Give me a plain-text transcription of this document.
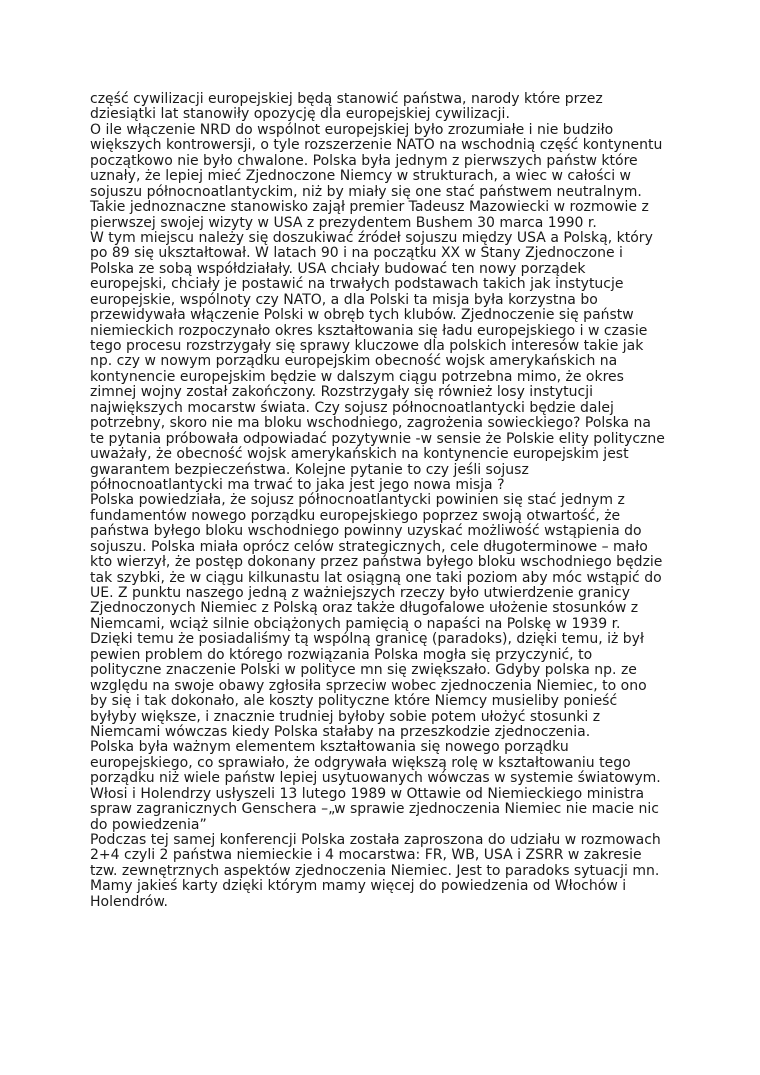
część cywilizacji europejskiej będą stanowić państwa, narody które przez
dziesiątki lat stanowiły opozycję dla europejskiej cywilizacji.
O ile włączenie NRD do wspólnot europejskiej było zrozumiałe i nie budziło
większych kontrowersji, o tyle rozszerzenie NATO na wschodnią część kontynentu
początkowo nie było chwalone. Polska była jednym z pierwszych państw które
uznały, że lepiej mieć Zjednoczone Niemcy w strukturach, a wiec w całości w
sojuszu północnoatlantyckim, niż by miały się one stać państwem neutralnym.
Takie jednoznaczne stanowisko zajął premier Tadeusz Mazowiecki w rozmowie z
pierwszej swojej wizyty w USA z prezydentem Bushem 30 marca 1990 r.
W tym miejscu należy się doszukiwać źródeł sojuszu między USA a Polską, który
po 89 się ukształtował. W latach 90 i na początku XX w Stany Zjednoczone i
Polska ze sobą współdziałały. USA chciały budować ten nowy porządek
europejski, chciały je postawić na trwałych podstawach takich jak instytucje
europejskie, wspólnoty czy NATO, a dla Polski ta misja była korzystna bo
przewidywała włączenie Polski w obręb tych klubów. Zjednoczenie się państw
niemieckich rozpoczynało okres kształtowania się ładu europejskiego i w czasie
tego procesu rozstrzygały się sprawy kluczowe dla polskich interesów takie jak
np. czy w nowym porządku europejskim obecność wojsk amerykańskich na
kontynencie europejskim będzie w dalszym ciągu potrzebna mimo, że okres
zimnej wojny został zakończony. Rozstrzygały się również losy instytucji
największych mocarstw świata. Czy sojusz północnoatlantycki będzie dalej
potrzebny, skoro nie ma bloku wschodniego, zagrożenia sowieckiego? Polska na
te pytania próbowała odpowiadać pozytywnie -w sensie że Polskie elity polityczne
uważały, że obecność wojsk amerykańskich na kontynencie europejskim jest
gwarantem bezpieczeństwa. Kolejne pytanie to czy jeśli sojusz
północnoatlantycki ma trwać to jaka jest jego nowa misja ?
Polska powiedziała, że sojusz północnoatlantycki powinien się stać jednym z
fundamentów nowego porządku europejskiego poprzez swoją otwartość, że
państwa byłego bloku wschodniego powinny uzyskać możliwość wstąpienia do
sojuszu. Polska miała oprócz celów strategicznych, cele długoterminowe – mało
kto wierzył, że postęp dokonany przez państwa byłego bloku wschodniego będzie
tak szybki, że w ciągu kilkunastu lat osiągną one taki poziom aby móc wstąpić do
UE. Z punktu naszego jedną z ważniejszych rzeczy było utwierdzenie granicy
Zjednoczonych Niemiec z Polską oraz także długofalowe ułożenie stosunków z
Niemcami, wciąż silnie obciążonych pamięcią o napaści na Polskę w 1939 r.
Dzięki temu że posiadaliśmy tą wspólną granicę (paradoks), dzięki temu, iż był
pewien problem do którego rozwiązania Polska mogła się przyczynić, to
polityczne znaczenie Polski w polityce mn się zwiększało. Gdyby polska np. ze
względu na swoje obawy zgłosiła sprzeciw wobec zjednoczenia Niemiec, to ono
by się i tak dokonało, ale koszty polityczne które Niemcy musieliby ponieść
byłyby większe, i znacznie trudniej byłoby sobie potem ułożyć stosunki z
Niemcami wówczas kiedy Polska stałaby na przeszkodzie zjednoczenia.
Polska była ważnym elementem kształtowania się nowego porządku
europejskiego, co sprawiało, że odgrywała większą rolę w kształtowaniu tego
porządku niż wiele państw lepiej usytuowanych wówczas w systemie światowym.
Włosi i Holendrzy usłyszeli 13 lutego 1989 w Ottawie od Niemieckiego ministra
spraw zagranicznych Genschera –„w sprawie zjednoczenia Niemiec nie macie nic
do powiedzenia”
Podczas tej samej konferencji Polska została zaproszona do udziału w rozmowach
2+4 czyli 2 państwa niemieckie i 4 mocarstwa: FR, WB, USA i ZSRR w zakresie
tzw. zewnętrznych aspektów zjednoczenia Niemiec. Jest to paradoks sytuacji mn.
Mamy jakieś karty dzięki którym mamy więcej do powiedzenia od Włochów i
Holendrów.
